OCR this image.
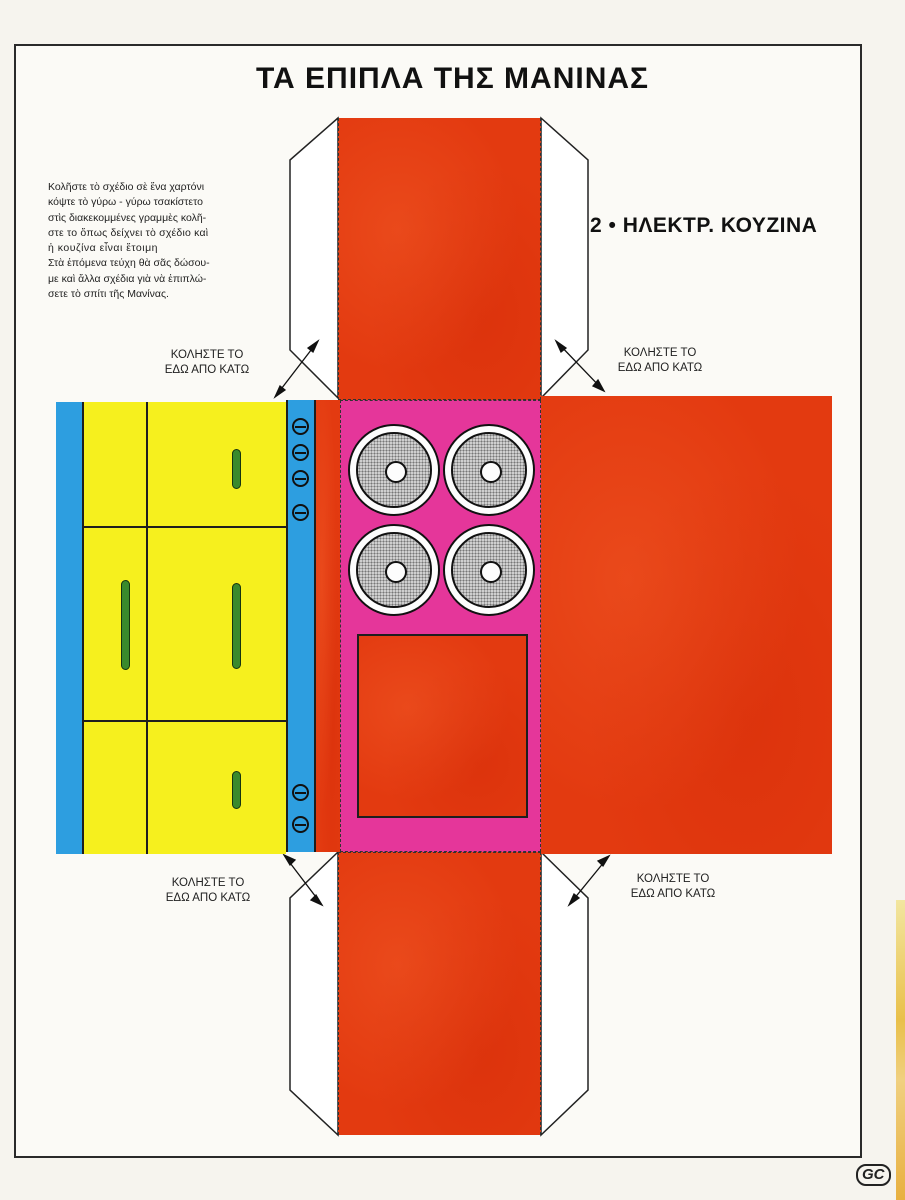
ΤΑ ΕΠΙΠΛΑ ΤΗΣ ΜΑΝΙΝΑΣ
2 • ΗΛΕΚΤΡ. ΚΟΥΖΙΝΑ
Κολῆστε τὸ σχέδιο σὲ ἕνα χαρτόνι
κόψτε τὸ γύρω - γύρω τσακίστετο
στὶς διακεκομμένες γραμμὲς κολῆ-
στε το ὅπως δείχνει τὸ σχέδιο καὶ
ἡ κουζίνα εἶναι ἕτοιμη
Στὰ ἑπόμενα τεύχη θὰ σᾶς δώσου-
με καὶ ἄλλα σχέδια γιὰ νὰ ἐπιπλώ-
σετε τὸ σπίτι τῆς Μανίνας.
ΚΟΛΗΣΤΕ ΤΟ
ΕΔΩ ΑΠΟ ΚΑΤΩ
ΚΟΛΗΣΤΕ ΤΟ
ΕΔΩ ΑΠΟ ΚΑΤΩ
ΚΟΛΗΣΤΕ ΤΟ
ΕΔΩ ΑΠΟ ΚΑΤΩ
ΚΟΛΗΣΤΕ ΤΟ
ΕΔΩ ΑΠΟ ΚΑΤΩ
GC
